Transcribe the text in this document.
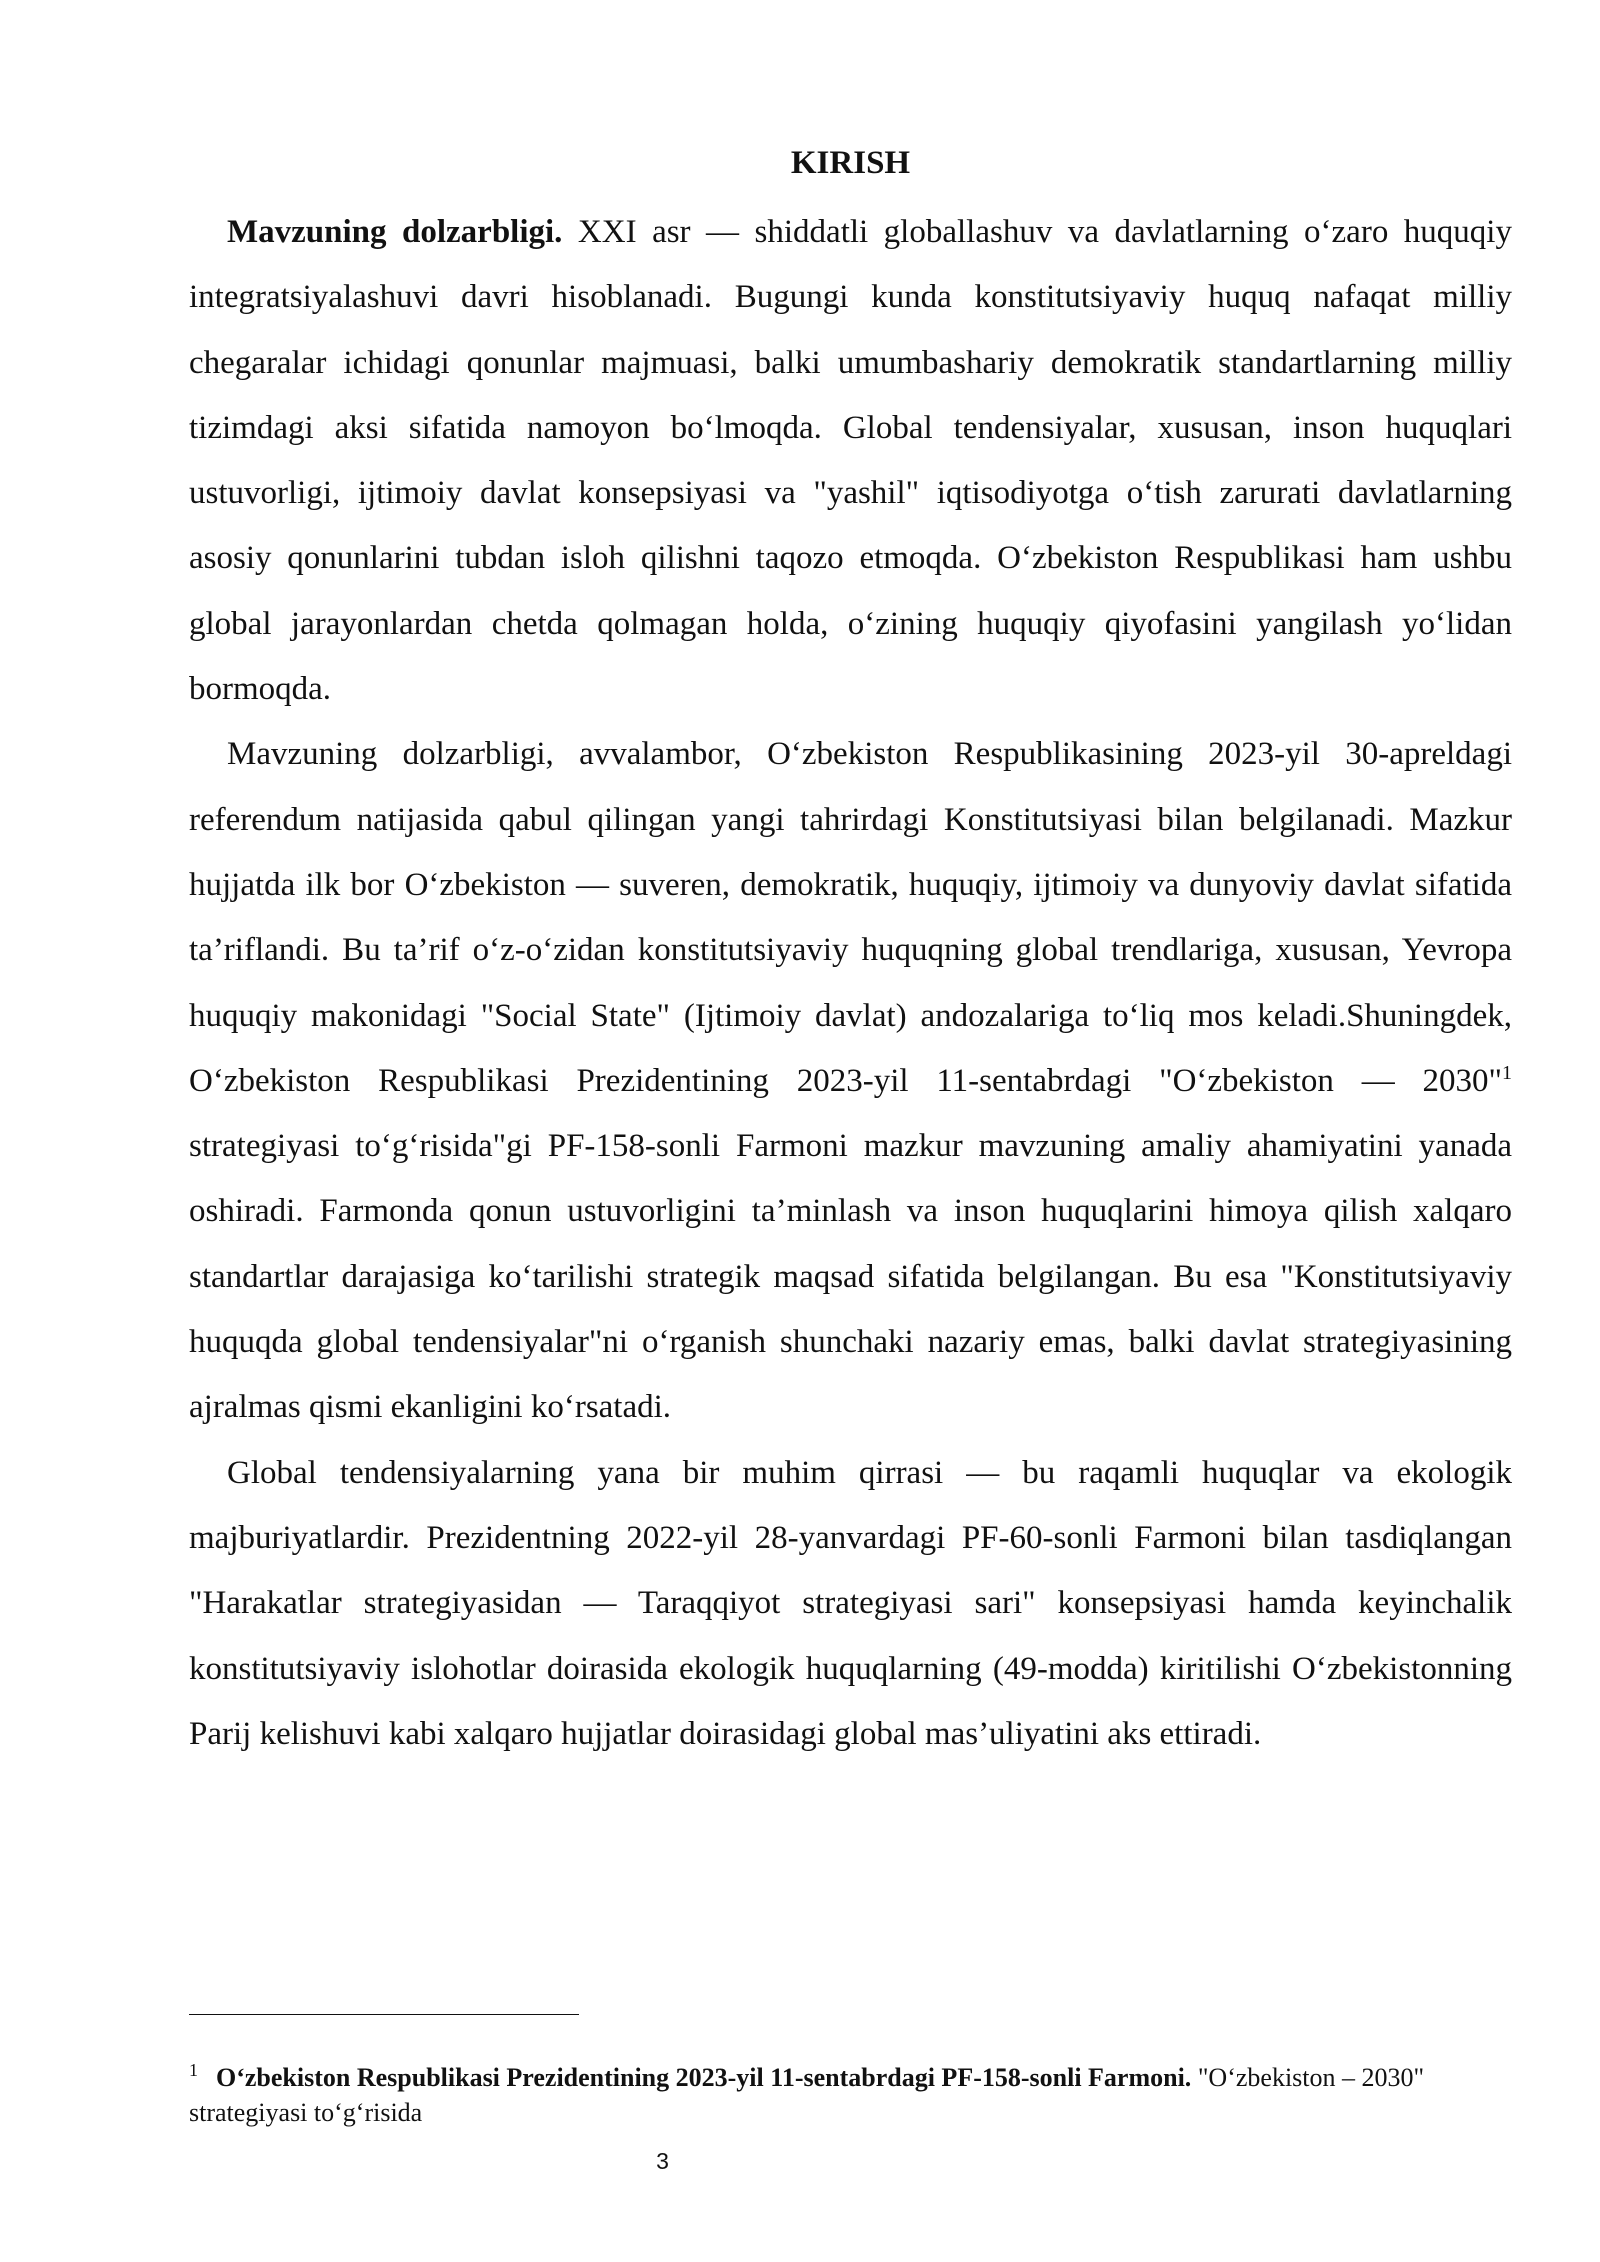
KIRISH

Mavzuning dolzarbligi. XXI asr — shiddatli globallashuv va davlatlarning o‘zaro huquqiy integratsiyalashuvi davri hisoblanadi. Bugungi kunda konstitutsiyaviy huquq nafaqat milliy chegaralar ichidagi qonunlar majmuasi, balki umumbashariy demokratik standartlarning milliy tizimdagi aksi sifatida namoyon bo‘lmoqda. Global tendensiyalar, xususan, inson huquqlari ustuvorligi, ijtimoiy davlat konsepsiyasi va "yashil" iqtisodiyotga o‘tish zarurati davlatlarning asosiy qonunlarini tubdan isloh qilishni taqozo etmoqda. O‘zbekiston Respublikasi ham ushbu global jarayonlardan chetda qolmagan holda, o‘zining huquqiy qiyofasini yangilash yo‘lidan bormoqda.

Mavzuning dolzarbligi, avvalambor, O‘zbekiston Respublikasining 2023-yil 30-apreldagi referendum natijasida qabul qilingan yangi tahrirdagi Konstitutsiyasi bilan belgilanadi. Mazkur hujjatda ilk bor O‘zbekiston — suveren, demokratik, huquqiy, ijtimoiy va dunyoviy davlat sifatida ta’riflandi. Bu ta’rif o‘z-o‘zidan konstitutsiyaviy huquqning global trendlariga, xususan, Yevropa huquqiy makonidagi "Social State" (Ijtimoiy davlat) andozalariga to‘liq mos keladi.Shuningdek, O‘zbekiston Respublikasi Prezidentining 2023-yil 11-sentabrdagi "O‘zbekiston — 2030"$^1$ strategiyasi to‘g‘risida"gi PF-158-sonli Farmoni mazkur mavzuning amaliy ahamiyatini yanada oshiradi. Farmonda qonun ustuvorligini ta’minlash va inson huquqlarini himoya qilish xalqaro standartlar darajasiga ko‘tarilishi strategik maqsad sifatida belgilangan. Bu esa "Konstitutsiyaviy huquqda global tendensiyalar"ni o‘rganish shunchaki nazariy emas, balki davlat strategiyasining ajralmas qismi ekanligini ko‘rsatadi.

Global tendensiyalarning yana bir muhim qirrasi — bu raqamli huquqlar va ekologik majburiyatlardir. Prezidentning 2022-yil 28-yanvardagi PF-60-sonli Farmoni bilan tasdiqlangan "Harakatlar strategiyasidan — Taraqqiyot strategiyasi sari" konsepsiyasi hamda keyinchalik konstitutsiyaviy islohotlar doirasida ekologik huquqlarning (49-modda) kiritilishi O‘zbekistonning Parij kelishuvi kabi xalqaro hujjatlar doirasidagi global mas’uliyatini aks ettiradi.

$^1$ O‘zbekiston Respublikasi Prezidentining 2023-yil 11-sentabrdagi PF-158-sonli Farmoni. "O‘zbekiston – 2030" strategiyasi to‘g‘risida

3
